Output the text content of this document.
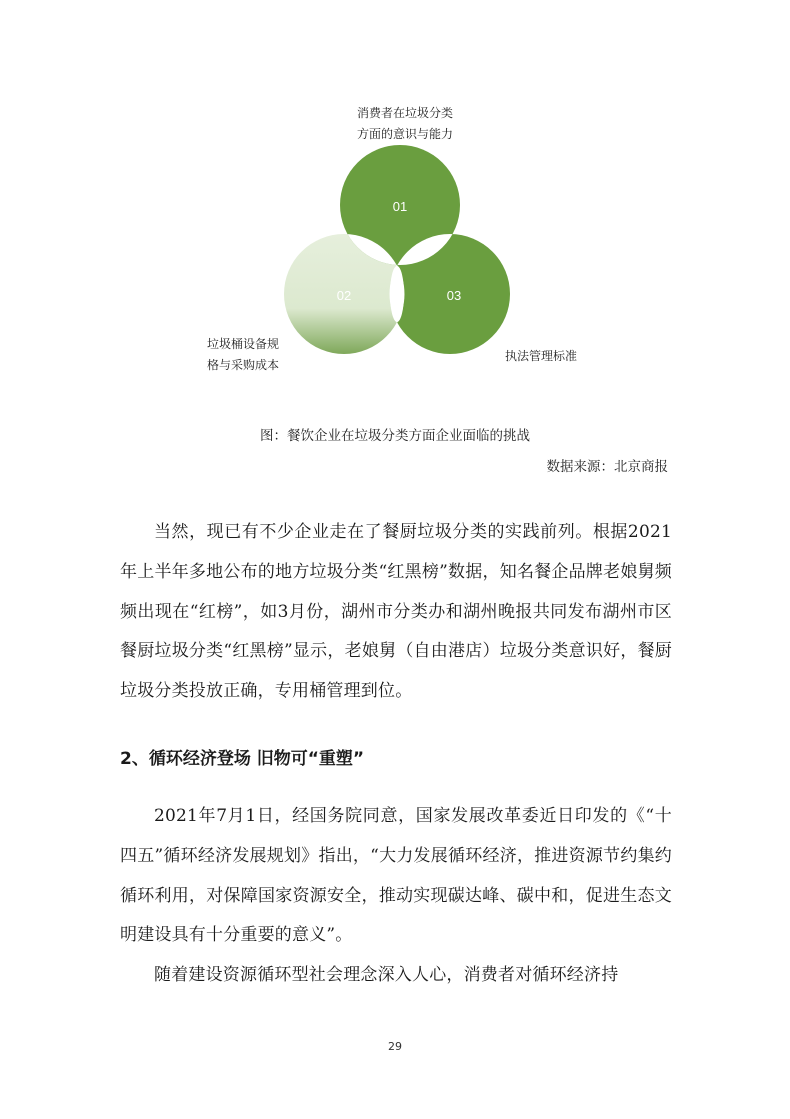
01
02	03
消费者在垃圾分类
方面的意识与能力
垃圾桶设备规
格与采购成本
执法管理标准
图：餐饮企业在垃圾分类方面企业面临的挑战
数据来源：北京商报

当然，现已有不少企业走在了餐厨垃圾分类的实践前列。根据2021年上半年多地公布的地方垃圾分类“红黑榜”数据，知名餐企品牌老娘舅频频出现在“红榜”，如3月份，湖州市分类办和湖州晚报共同发布湖州市区餐厨垃圾分类“红黑榜”显示，老娘舅（自由港店）垃圾分类意识好，餐厨垃圾分类投放正确，专用桶管理到位。

2、循环经济登场 旧物可“重塑”

2021年7月1日，经国务院同意，国家发展改革委近日印发的《“十四五”循环经济发展规划》指出，“大力发展循环经济，推进资源节约集约循环利用，对保障国家资源安全，推动实现碳达峰、碳中和，促进生态文明建设具有十分重要的意义”。

随着建设资源循环型社会理念深入人心，消费者对循环经济持

29
